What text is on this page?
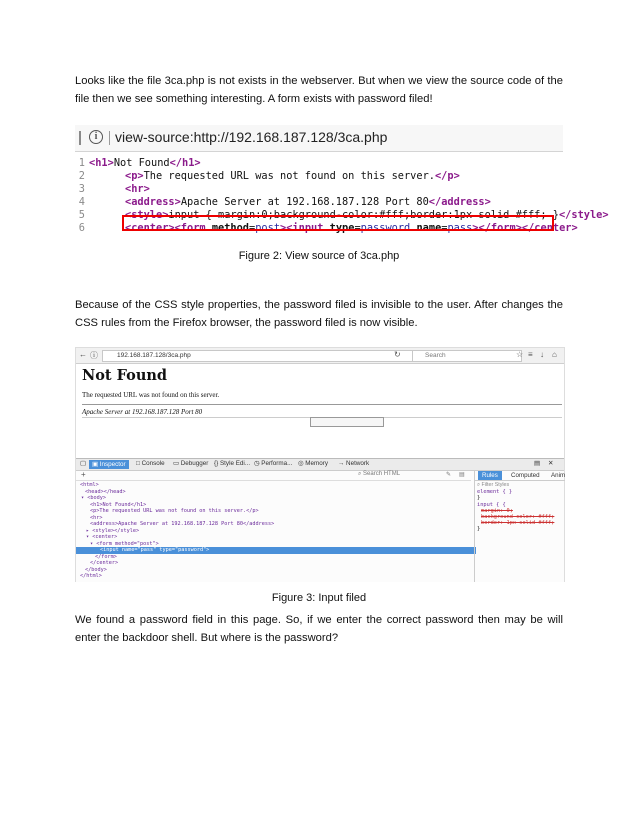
Looks like the file 3ca.php is not exists in the webserver. But when we view the source code of the file then we see something interesting. A form exists with password filed!

i	view-source:http://192.168.187.128/3ca.php
1 <h1>Not Found</h1>
2	<p>The requested URL was not found on this server.</p>
3	<hr>
4	<address>Apache Server at 192.168.187.128 Port 80</address>
5	<style>input { margin:0;background-color:#fff;border:1px solid #fff; }</style>
6	<center><form method=post><input type=password name=pass></form></center>

Figure 2: View source of 3ca.php

Because of the CSS style properties, the password filed is invisible to the user. After changes the CSS rules from the Firefox browser, the password filed is now visible.

← ⓘ	192.168.187.128/3ca.php	Search
↻	☆ ≡ ↓ ⌂
Not Found
The requested URL was not found on this server.
Apache Server at 192.168.187.128 Port 80
▢ ▣ Inspector	□ Console ▭ Debugger {} Style Edi... ◷ Performa... ◎ Memory → Network	▤ ✕
+	⌕ Search HTML	✎ ▤
<html>
<head></head>
▾ <body>
<h1>Not Found</h1>
<p>The requested URL was not found on this server.</p>
<hr>
<address>Apache Server at 192.168.187.128 Port 80</address>
▸ <style></style>
▾ <center>
▾ <form method="post">
<input name="pass" type="password">
</form>
</center>
</body>
</html>
Rules	Computed Anim
⌕ Filter Styles
element { }
}
input { {
margin: 0;
background-color: #fff;
border: 1px solid #fff;
}

Figure 3: Input filed

We found a password field in this page. So, if we enter the correct password then may be will enter the backdoor shell. But where is the password?
